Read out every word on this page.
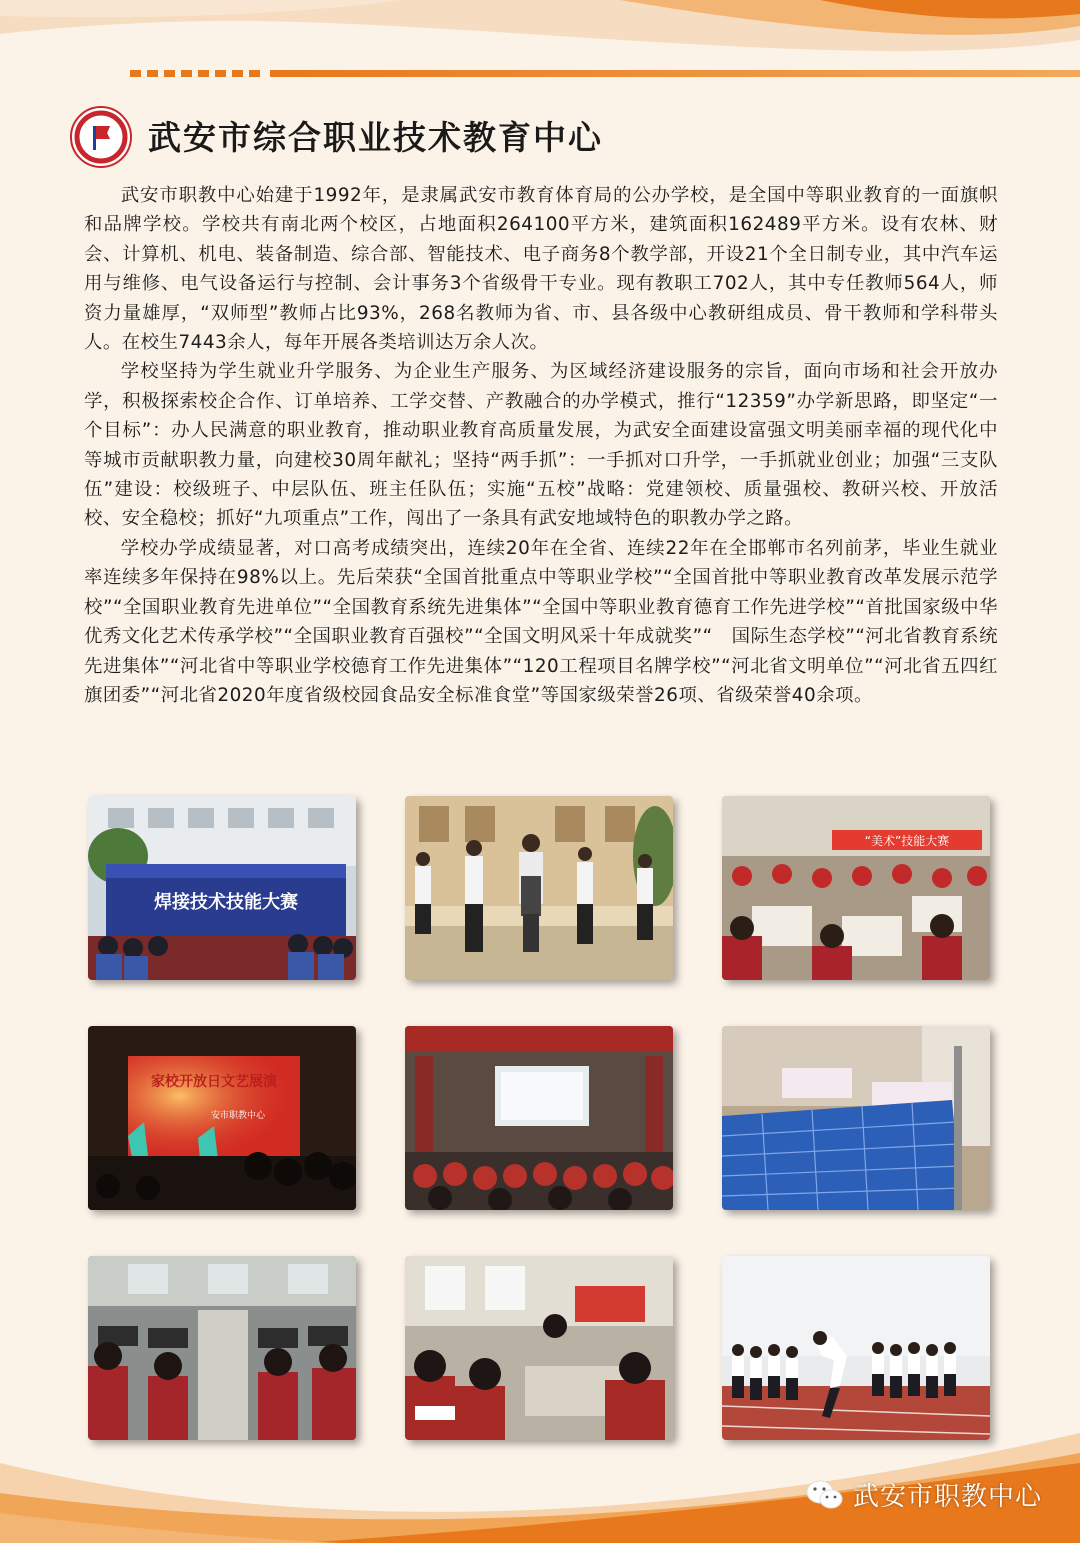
武安市综合职业技术教育中心

武安市职教中心始建于1992年，是隶属武安市教育体育局的公办学校，是全国中等职业教育的一面旗帜和品牌学校。学校共有南北两个校区，占地面积264100平方米，建筑面积162489平方米。设有农林、财会、计算机、机电、装备制造、综合部、智能技术、电子商务8个教学部，开设21个全日制专业，其中汽车运用与维修、电气设备运行与控制、会计事务3个省级骨干专业。现有教职工702人，其中专任教师564人，师资力量雄厚，“双师型”教师占比93%，268名教师为省、市、县各级中心教研组成员、骨干教师和学科带头人。在校生7443余人，每年开展各类培训达万余人次。

学校坚持为学生就业升学服务、为企业生产服务、为区域经济建设服务的宗旨，面向市场和社会开放办学，积极探索校企合作、订单培养、工学交替、产教融合的办学模式，推行“12359”办学新思路，即坚定“一个目标”：办人民满意的职业教育，推动职业教育高质量发展，为武安全面建设富强文明美丽幸福的现代化中等城市贡献职教力量，向建校30周年献礼；坚持“两手抓”：一手抓对口升学，一手抓就业创业；加强“三支队伍”建设：校级班子、中层队伍、班主任队伍；实施“五校”战略：党建领校、质量强校、教研兴校、开放活校、安全稳校；抓好“九项重点”工作，闯出了一条具有武安地域特色的职教办学之路。

学校办学成绩显著，对口高考成绩突出，连续20年在全省、连续22年在全邯郸市名列前茅，毕业生就业率连续多年保持在98%以上。先后荣获“全国首批重点中等职业学校”“全国首批中等职业教育改革发展示范学校”“全国职业教育先进单位”“全国教育系统先进集体”“全国中等职业教育德育工作先进学校”“首批国家级中华优秀文化艺术传承学校”“全国职业教育百强校”“全国文明风采十年成就奖”“　国际生态学校”“河北省教育系统先进集体”“河北省中等职业学校德育工作先进集体”“120工程项目名牌学校”“河北省文明单位”“河北省五四红旗团委”“河北省2020年度省级校园食品安全标准食堂”等国家级荣誉26项、省级荣誉40余项。

焊接技术技能大赛
“美术”技能大赛
家校开放日文艺展演
安市职教中心
武安市职教中心
